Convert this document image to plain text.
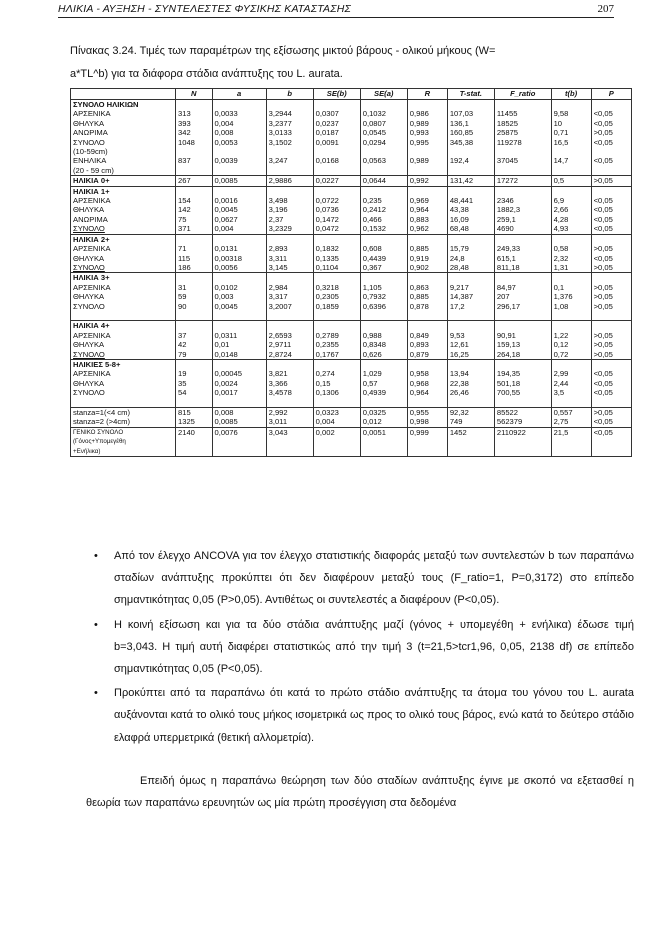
ΗΛΙΚΙΑ - ΑΥΞΗΣΗ - ΣΥΝΤΕΛΕΣΤΕΣ ΦΥΣΙΚΗΣ ΚΑΤΑΣΤΑΣΗΣ	207
Πίνακας 3.24. Τιμές των παραμέτρων της εξίσωσης μικτού βάρους - ολικού μήκους (W=
a*TL^b) για τα διάφορα στάδια ανάπτυξης του L. aurata.
	N	a	b	SE(b)	SE(a)	R	T-stat.	F_ratio	t(b)	P
ΣΥΝΟΛΟ ΗΛΙΚΙΩΝ										
ΑΡΣΕΝΙΚΑ	313	0,0033	3,2944	0,0307	0,1032	0,986	107,03	11455	9,58	<0,05
ΘΗΛΥΚΑ	393	0,004	3,2377	0,0237	0,0807	0,989	136,1	18525	10	<0,05
ΑΝΩΡΙΜΑ	342	0,008	3,0133	0,0187	0,0545	0,993	160,85	25875	0,71	>0,05
ΣΥΝΟΛΟ	1048	0,0053	3,1502	0,0091	0,0294	0,995	345,38	119278	16,5	<0,05
(10-59cm)										
ΕΝΗΛΙΚΑ	837	0,0039	3,247	0,0168	0,0563	0,989	192,4	37045	14,7	<0,05
(20 - 59 cm)										
ΗΛΙΚΙΑ 0+	267	0,0085	2,9886	0,0227	0,0644	0,992	131,42	17272	0,5	>0,05
ΗΛΙΚΙΑ 1+										
ΑΡΣΕΝΙΚΑ	154	0,0016	3,498	0,0722	0,235	0,969	48,441	2346	6,9	<0,05
ΘΗΛΥΚΑ	142	0,0045	3,196	0,0736	0,2412	0,964	43,38	1882,3	2,66	<0,05
ΑΝΩΡΙΜΑ	75	0,0627	2,37	0,1472	0,466	0,883	16,09	259,1	4,28	<0,05
ΣΥΝΟΛΟ	371	0,004	3,2329	0,0472	0,1532	0,962	68,48	4690	4,93	<0,05
ΗΛΙΚΙΑ 2+										
ΑΡΣΕΝΙΚΑ	71	0,0131	2,893	0,1832	0,608	0,885	15,79	249,33	0,58	>0,05
ΘΗΛΥΚΑ	115	0,00318	3,311	0,1335	0,4439	0,919	24,8	615,1	2,32	<0,05
ΣΥΝΟΛΟ	186	0,0056	3,145	0,1104	0,367	0,902	28,48	811,18	1,31	>0,05
ΗΛΙΚΙΑ 3+										
ΑΡΣΕΝΙΚΑ	31	0,0102	2,984	0,3218	1,105	0,863	9,217	84,97	0,1	>0,05
ΘΗΛΥΚΑ	59	0,003	3,317	0,2305	0,7932	0,885	14,387	207	1,376	>0,05
ΣΥΝΟΛΟ	90	0,0045	3,2007	0,1859	0,6396	0,878	17,2	296,17	1,08	>0,05

ΗΛΙΚΙΑ 4+										
ΑΡΣΕΝΙΚΑ	37	0,0311	2,6593	0,2789	0,988	0,849	9,53	90,91	1,22	>0,05
ΘΗΛΥΚΑ	42	0,01	2,9711	0,2355	0,8348	0,893	12,61	159,13	0,12	>0,05
ΣΥΝΟΛΟ	79	0,0148	2,8724	0,1767	0,626	0,879	16,25	264,18	0,72	>0,05
ΗΛΙΚΙΕΣ 5-8+										
ΑΡΣΕΝΙΚΑ	19	0,00045	3,821	0,274	1,029	0,958	13,94	194,35	2,99	<0,05
ΘΗΛΥΚΑ	35	0,0024	3,366	0,15	0,57	0,968	22,38	501,18	2,44	<0,05
ΣΥΝΟΛΟ	54	0,0017	3,4578	0,1306	0,4939	0,964	26,46	700,55	3,5	<0,05

stanza=1(<4 cm)	815	0,008	2,992	0,0323	0,0325	0,955	92,32	85522	0,557	>0,05
stanza=2 (>4cm)	1325	0,0085	3,011	0,004	0,012	0,998	749	562379	2,75	<0,05
ΓΕΝΙΚΟ ΣΥΝΟΛΟ	2140	0,0076	3,043	0,002	0,0051	0,999	1452	2110922	21,5	<0,05
(Γόνος+Υπομεγέθη										
+Ενήλικα)										
• Από τον έλεγχο ANCOVA για τον έλεγχο στατιστικής διαφοράς μεταξύ των συντελεστών b των παραπάνω σταδίων ανάπτυξης προκύπτει ότι δεν διαφέρουν μεταξύ τους (F_ratio=1, P=0,3172) στο επίπεδο σημαντικότητας 0,05 (P>0,05). Αντιθέτως οι συντελεστές a διαφέρουν (P<0,05).
• Η κοινή εξίσωση και για τα δύο στάδια ανάπτυξης μαζί (γόνος + υπομεγέθη + ενήλικα) έδωσε τιμή b=3,043. Η τιμή αυτή διαφέρει στατιστικώς από την τιμή 3 (t=21,5>tcr1,96, 0,05, 2138 df) σε επίπεδο σημαντικότητας 0,05 (P<0,05).
• Προκύπτει από τα παραπάνω ότι κατά το πρώτο στάδιο ανάπτυξης τα άτομα του γόνου του L. aurata αυξάνονται κατά το ολικό τους μήκος ισομετρικά ως προς το ολικό τους βάρος, ενώ κατά το δεύτερο στάδιο ελαφρά υπερμετρικά (θετική αλλομετρία).
Επειδή όμως η παραπάνω θεώρηση των δύο σταδίων ανάπτυξης έγινε με σκοπό να εξετασθεί η θεωρία των παραπάνω ερευνητών ως μία πρώτη προσέγγιση στα δεδομένα
